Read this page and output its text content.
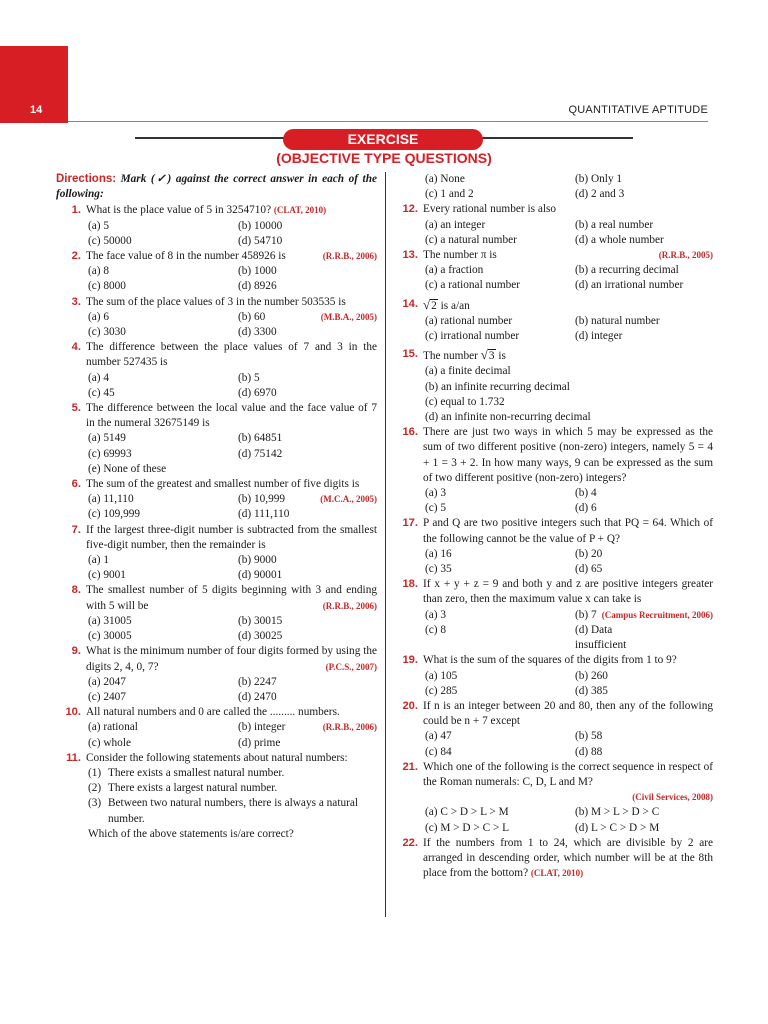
14	QUANTITATIVE APTITUDE
EXERCISE
(OBJECTIVE TYPE QUESTIONS)
Directions: Mark (✓) against the correct answer in each of the following:
1. What is the place value of 5 in 3254710? (CLAT, 2010)
(a) 5	(b) 10000
(c) 50000	(d) 54710
2. The face value of 8 in the number 458926 is	(R.R.B., 2006)
(a) 8	(b) 1000
(c) 8000	(d) 8926
3. The sum of the place values of 3 in the number 503535 is
(M.B.A., 2005)
(a) 6	(b) 60
(c) 3030	(d) 3300
4. The difference between the place values of 7 and 3 in the number 527435 is
(a) 4	(b) 5
(c) 45	(d) 6970
5. The difference between the local value and the face value of 7 in the numeral 32675149 is
(a) 5149	(b) 64851
(c) 69993	(d) 75142
(e) None of these
6. The sum of the greatest and smallest number of five digits is
(M.C.A., 2005)
(a) 11,110	(b) 10,999
(c) 109,999	(d) 111,110
7. If the largest three-digit number is subtracted from the smallest five-digit number, then the remainder is
(a) 1	(b) 9000
(c) 9001	(d) 90001
8. The smallest number of 5 digits beginning with 3 and ending with 5 will be	(R.R.B., 2006)
(a) 31005	(b) 30015
(c) 30005	(d) 30025
9. What is the minimum number of four digits formed by using the digits 2, 4, 0, 7?	(P.C.S., 2007)
(a) 2047	(b) 2247
(c) 2407	(d) 2470
10. All natural numbers and 0 are called the ......... numbers.
(R.R.B., 2006)
(a) rational	(b) integer
(c) whole	(d) prime
11. Consider the following statements about natural numbers:
(1) There exists a smallest natural number.
(2) There exists a largest natural number.
(3) Between two natural numbers, there is always a natural number.
Which of the above statements is/are correct?
(a) None	(b) Only 1
(c) 1 and 2	(d) 2 and 3
12. Every rational number is also
(a) an integer	(b) a real number
(c) a natural number	(d) a whole number
13. The number π is	(R.R.B., 2005)
(a) a fraction	(b) a recurring decimal
(c) a rational number	(d) an irrational number
14. √2 is a/an
(a) rational number	(b) natural number
(c) irrational number	(d) integer
15. The number √3 is
(a) a finite decimal
(b) an infinite recurring decimal
(c) equal to 1.732
(d) an infinite non-recurring decimal
16. There are just two ways in which 5 may be expressed as the sum of two different positive (non-zero) integers, namely 5 = 4 + 1 = 3 + 2. In how many ways, 9 can be expressed as the sum of two different positive (non-zero) integers?
(a) 3	(b) 4
(c) 5	(d) 6
17. P and Q are two positive integers such that PQ = 64. Which of the following cannot be the value of P + Q?
(a) 16	(b) 20
(c) 35	(d) 65
18. If x + y + z = 9 and both y and z are positive integers greater than zero, then the maximum value x can take is
(Campus Recruitment, 2006)
(a) 3	(b) 7
(c) 8	(d) Data insufficient
19. What is the sum of the squares of the digits from 1 to 9?
(a) 105	(b) 260
(c) 285	(d) 385
20. If n is an integer between 20 and 80, then any of the following could be n + 7 except
(a) 47	(b) 58
(c) 84	(d) 88
21. Which one of the following is the correct sequence in respect of the Roman numerals: C, D, L and M?
(Civil Services, 2008)
(a) C > D > L > M	(b) M > L > D > C
(c) M > D > C > L	(d) L > C > D > M
22. If the numbers from 1 to 24, which are divisible by 2 are arranged in descending order, which number will be at the 8th place from the bottom? (CLAT, 2010)
